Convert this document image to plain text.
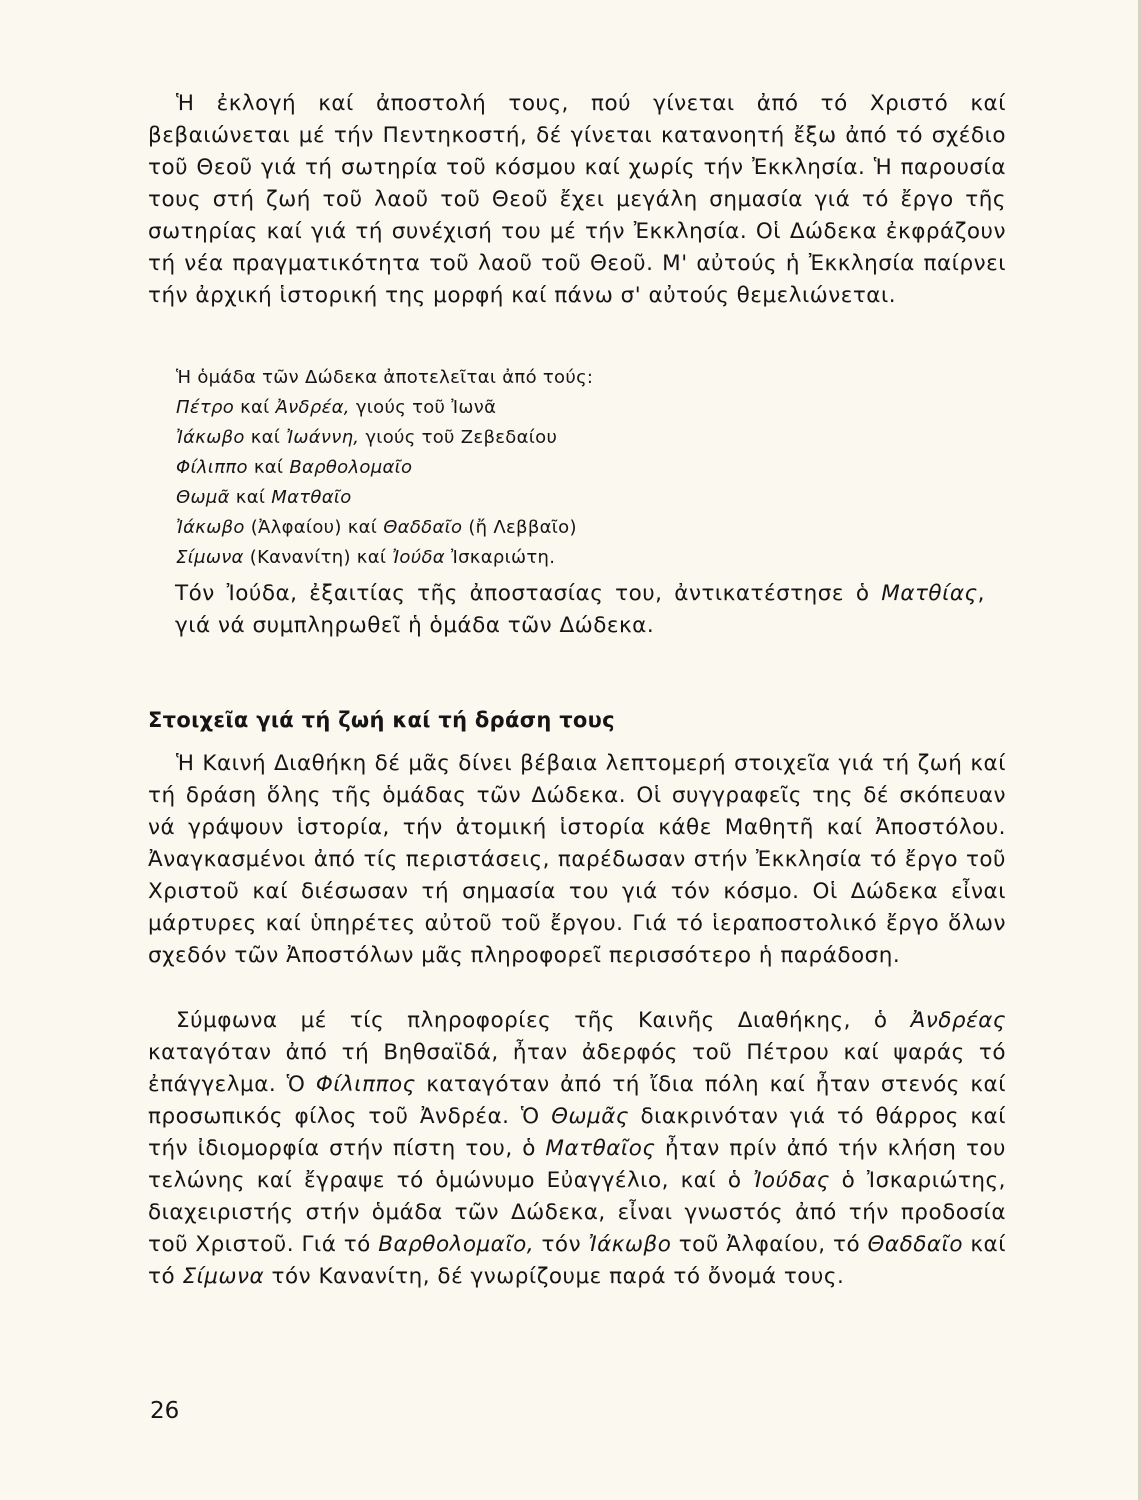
Ἡ ἐκλογή καί ἀποστολή τους, πού γίνεται ἀπό τό Χριστό καί βεβαιώνεται μέ τήν Πεντηκοστή, δέ γίνεται κατανοητή ἔξω ἀπό τό σχέδιο τοῦ Θεοῦ γιά τή σωτηρία τοῦ κόσμου καί χωρίς τήν Ἐκκλησία. Ἡ παρουσία τους στή ζωή τοῦ λαοῦ τοῦ Θεοῦ ἔχει μεγάλη σημασία γιά τό ἔργο τῆς σωτηρίας καί γιά τή συνέχισή του μέ τήν Ἐκκλησία. Οἱ Δώδεκα ἐκφράζουν τή νέα πραγματικότητα τοῦ λαοῦ τοῦ Θεοῦ. Μ' αὐτούς ἡ Ἐκκλησία παίρνει τήν ἀρχική ἱστορική της μορφή καί πάνω σ' αὐτούς θεμελιώνεται.

Ἡ ὁμάδα τῶν Δώδεκα ἀποτελεῖται ἀπό τούς:
Πέτρο καί Ἀνδρέα, γιούς τοῦ Ἰωνᾶ
Ἰάκωβο καί Ἰωάννη, γιούς τοῦ Ζεβεδαίου
Φίλιππο καί Βαρθολομαῖο
Θωμᾶ καί Ματθαῖο
Ἰάκωβο (Ἀλφαίου) καί Θαδδαῖο (ἤ Λεββαῖο)
Σίμωνα (Κανανίτη) καί Ἰούδα Ἰσκαριώτη.

Τόν Ἰούδα, ἐξαιτίας τῆς ἀποστασίας του, ἀντικατέστησε ὁ Ματθίας, γιά νά συμπληρωθεῖ ἡ ὁμάδα τῶν Δώδεκα.

Στοιχεῖα γιά τή ζωή καί τή δράση τους

Ἡ Καινή Διαθήκη δέ μᾶς δίνει βέβαια λεπτομερή στοιχεῖα γιά τή ζωή καί τή δράση ὅλης τῆς ὁμάδας τῶν Δώδεκα. Οἱ συγγραφεῖς της δέ σκόπευαν νά γράψουν ἱστορία, τήν ἀτομική ἱστορία κάθε Μαθητῆ καί Ἀποστόλου. Ἀναγκασμένοι ἀπό τίς περιστάσεις, παρέδωσαν στήν Ἐκκλησία τό ἔργο τοῦ Χριστοῦ καί διέσωσαν τή σημασία του γιά τόν κόσμο. Οἱ Δώδεκα εἶναι μάρτυρες καί ὑπηρέτες αὐτοῦ τοῦ ἔργου. Γιά τό ἱεραποστολικό ἔργο ὅλων σχεδόν τῶν Ἀποστόλων μᾶς πληροφορεῖ περισσότερο ἡ παράδοση.

Σύμφωνα μέ τίς πληροφορίες τῆς Καινῆς Διαθήκης, ὁ Ἀνδρέας καταγόταν ἀπό τή Βηθσαϊδά, ἦταν ἀδερφός τοῦ Πέτρου καί ψαράς τό ἐπάγγελμα. Ὁ Φίλιππος καταγόταν ἀπό τή ἴδια πόλη καί ἦταν στενός καί προσωπικός φίλος τοῦ Ἀνδρέα. Ὁ Θωμᾶς διακρινόταν γιά τό θάρρος καί τήν ἰδιομορφία στήν πίστη του, ὁ Ματθαῖος ἦταν πρίν ἀπό τήν κλήση του τελώνης καί ἔγραψε τό ὁμώνυμο Εὐαγγέλιο, καί ὁ Ἰούδας ὁ Ἰσκαριώτης, διαχειριστής στήν ὁμάδα τῶν Δώδεκα, εἶναι γνωστός ἀπό τήν προδοσία τοῦ Χριστοῦ. Γιά τό Βαρθολομαῖο, τόν Ἰάκωβο τοῦ Ἀλφαίου, τό Θαδδαῖο καί τό Σίμωνα τόν Κανανίτη, δέ γνωρίζουμε παρά τό ὄνομά τους.

26
